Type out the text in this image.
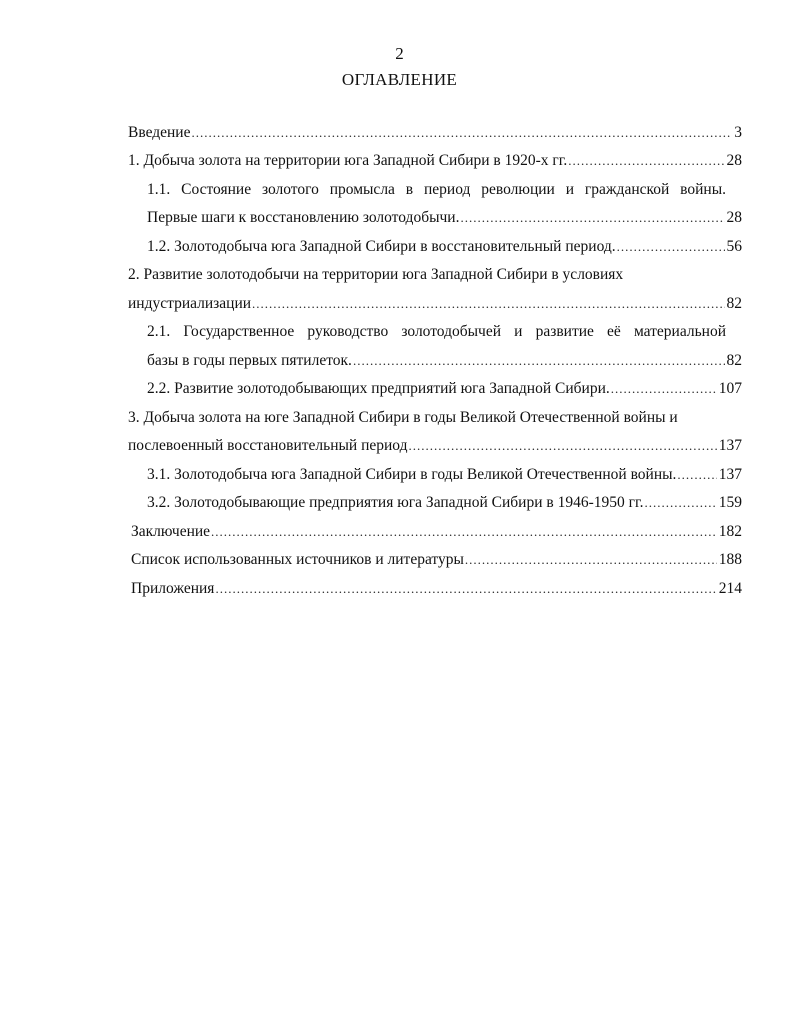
2
ОГЛАВЛЕНИЕ
Введение .....	3
1. Добыча золота на территории юга Западной Сибири в 1920-х гг. .....	28
1.1. Состояние золотого промысла в период революции и гражданской войны.
Первые шаги к восстановлению золотодобычи. .....	28
1.2. Золотодобыча юга Западной Сибири в восстановительный период. .....	56
2. Развитие золотодобычи на территории юга Западной Сибири в условиях
индустриализации .....	82
2.1. Государственное руководство золотодобычей и развитие её материальной
базы в годы первых пятилеток. .....	82
2.2. Развитие золотодобывающих предприятий юга Западной Сибири. .....	107
3. Добыча золота на юге Западной Сибири в годы Великой Отечественной войны и
послевоенный восстановительный период .....	137
3.1. Золотодобыча юга Западной Сибири в годы Великой Отечественной войны. .....	137
3.2. Золотодобывающие предприятия юга Западной Сибири в 1946-1950 гг. .....	159
Заключение .....	182
Список использованных источников и литературы .....	188
Приложения .....	214
